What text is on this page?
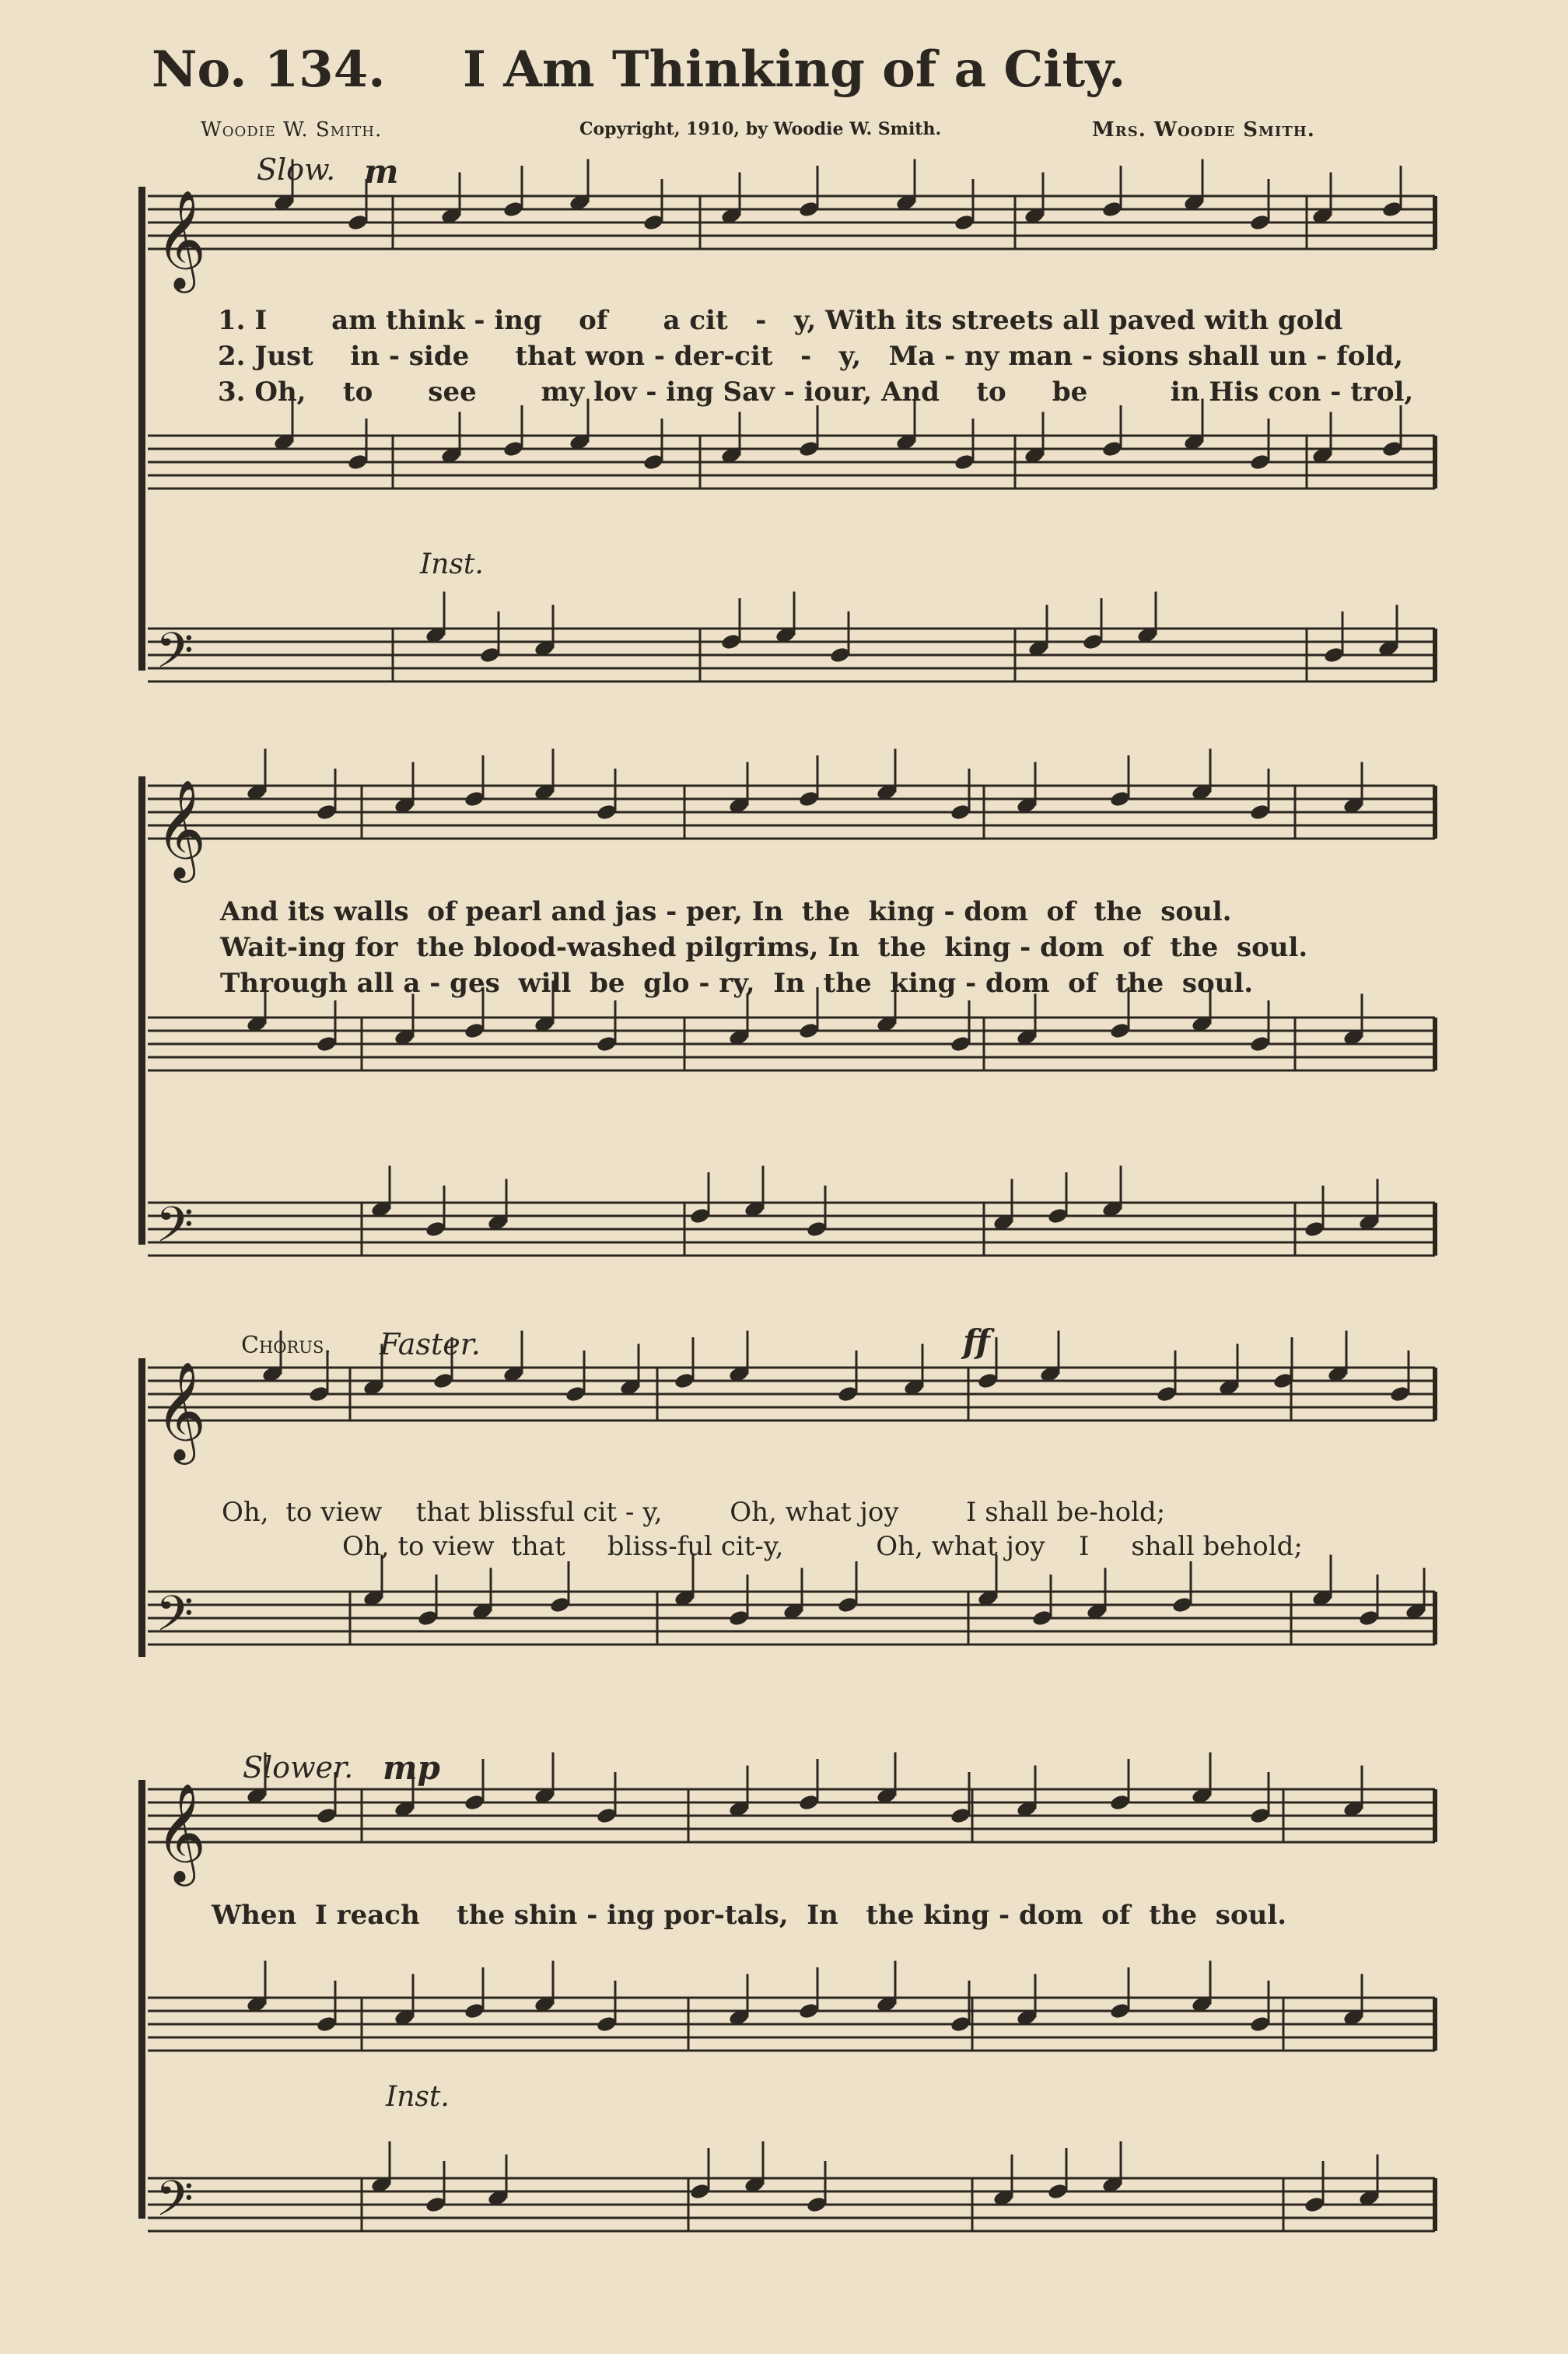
No. 134. I Am Thinking of a City.
Woodie W. Smith.	Copyright, 1910, by Woodie W. Smith.	Mrs. Woodie Smith.
𝄞
𝄢
𝄞
𝄢
𝄞
𝄢
𝄞
𝄢
Slow. m
Inst.
1. I am think - ing of a cit - y, With its streets all paved with gold
2. Just in - side that won - der-cit - y, Ma - ny man - sions shall un - fold,
3. Oh, to see my lov - ing Sav - iour, And to be	in His con - trol,
And its walls  of pearl and jas - per, In  the  king - dom  of  the  soul.
Wait-ing for  the blood-washed pilgrims, In  the  king - dom  of  the  soul.
Through all a - ges  will  be  glo - ry,  In  the  king - dom  of  the  soul.
Chorus. Faster.	ff
Oh,  to view    that blissful cit - y,        Oh, what joy        I shall be-hold;
Oh, to view  that     bliss-ful cit-y,           Oh, what joy    I     shall behold;
Slower. mp
When  I reach    the shin - ing por-tals,  In   the king - dom  of  the  soul.
Inst.
